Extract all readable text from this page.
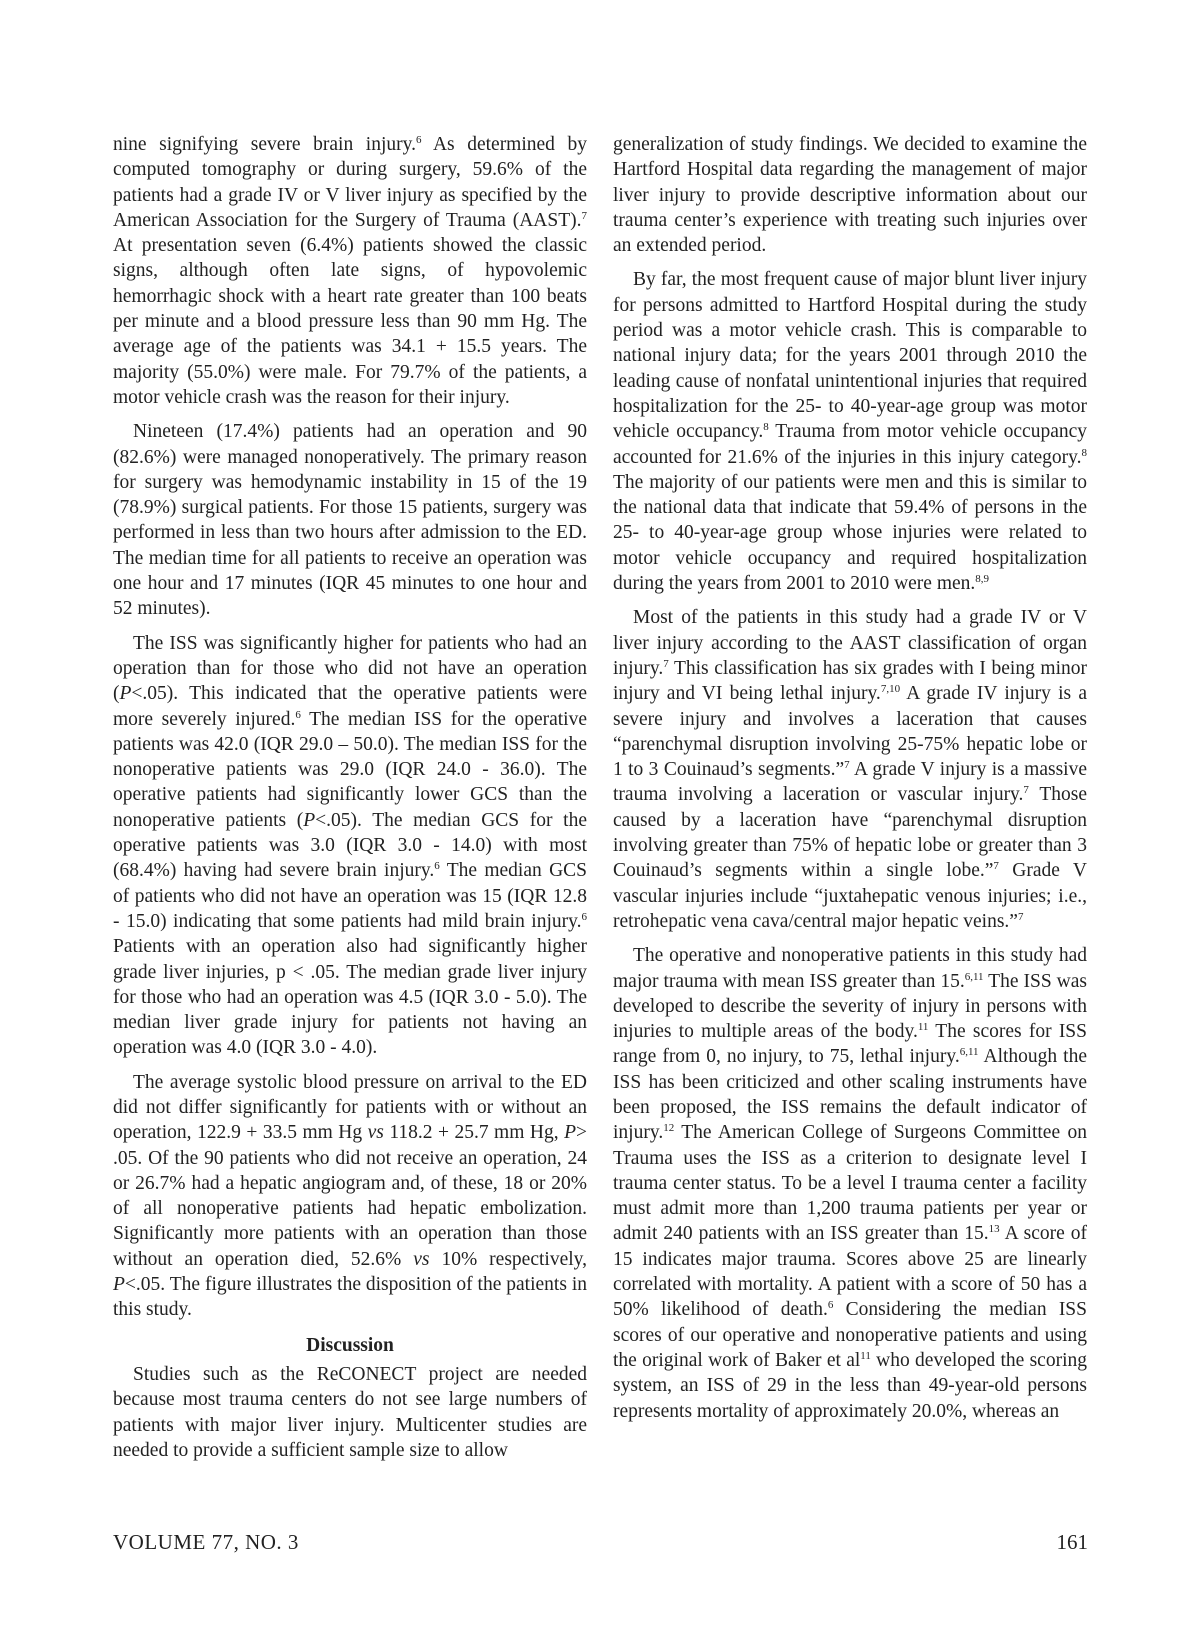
nine signifying severe brain injury.$^6$ As determined by computed tomography or during surgery, 59.6% of the patients had a grade IV or V liver injury as specified by the American Association for the Surgery of Trauma (AAST).$^7$ At presentation seven (6.4%) patients showed the classic signs, although often late signs, of hypovolemic hemorrhagic shock with a heart rate greater than 100 beats per minute and a blood pressure less than 90 mm Hg. The average age of the patients was 34.1 + 15.5 years. The majority (55.0%) were male. For 79.7% of the patients, a motor vehicle crash was the reason for their injury.

Nineteen (17.4%) patients had an operation and 90 (82.6%) were managed nonoperatively. The primary reason for surgery was hemodynamic instability in 15 of the 19 (78.9%) surgical patients. For those 15 patients, surgery was performed in less than two hours after admission to the ED. The median time for all patients to receive an operation was one hour and 17 minutes (IQR 45 minutes to one hour and 52 minutes).

The ISS was significantly higher for patients who had an operation than for those who did not have an operation (P<.05). This indicated that the operative patients were more severely injured.$^6$ The median ISS for the operative patients was 42.0 (IQR 29.0 – 50.0). The median ISS for the nonoperative patients was 29.0 (IQR 24.0 - 36.0). The operative patients had significantly lower GCS than the nonoperative patients (P<.05). The median GCS for the operative patients was 3.0 (IQR 3.0 - 14.0) with most (68.4%) having had severe brain injury.$^6$ The median GCS of patients who did not have an operation was 15 (IQR 12.8 - 15.0) indicating that some patients had mild brain injury.$^6$ Patients with an operation also had significantly higher grade liver injuries, p < .05. The median grade liver injury for those who had an operation was 4.5 (IQR 3.0 - 5.0). The median liver grade injury for patients not having an operation was 4.0 (IQR 3.0 - 4.0).

The average systolic blood pressure on arrival to the ED did not differ significantly for patients with or without an operation, 122.9 + 33.5 mm Hg vs 118.2 + 25.7 mm Hg, P> .05. Of the 90 patients who did not receive an operation, 24 or 26.7% had a hepatic angiogram and, of these, 18 or 20% of all nonoperative patients had hepatic embolization. Significantly more patients with an operation than those without an operation died, 52.6% vs 10% respectively, P<.05. The figure illustrates the disposition of the patients in this study.

Discussion

Studies such as the ReCONECT project are needed because most trauma centers do not see large numbers of patients with major liver injury. Multicenter studies are needed to provide a sufficient sample size to allow

generalization of study findings. We decided to examine the Hartford Hospital data regarding the management of major liver injury to provide descriptive information about our trauma center’s experience with treating such injuries over an extended period.

By far, the most frequent cause of major blunt liver injury for persons admitted to Hartford Hospital during the study period was a motor vehicle crash. This is comparable to national injury data; for the years 2001 through 2010 the leading cause of nonfatal unintentional injuries that required hospitalization for the 25- to 40-year-age group was motor vehicle occupancy.$^8$ Trauma from motor vehicle occupancy accounted for 21.6% of the injuries in this injury category.$^8$ The majority of our patients were men and this is similar to the national data that indicate that 59.4% of persons in the 25- to 40-year-age group whose injuries were related to motor vehicle occupancy and required hospitalization during the years from 2001 to 2010 were men.$^{8,9}$

Most of the patients in this study had a grade IV or V liver injury according to the AAST classification of organ injury.$^7$ This classification has six grades with I being minor injury and VI being lethal injury.$^{7,10}$ A grade IV injury is a severe injury and involves a laceration that causes “parenchymal disruption involving 25-75% hepatic lobe or 1 to 3 Couinaud’s segments.”$^7$ A grade V injury is a massive trauma involving a laceration or vascular injury.$^7$ Those caused by a laceration have “parenchymal disruption involving greater than 75% of hepatic lobe or greater than 3 Couinaud’s segments within a single lobe.”$^7$ Grade V vascular injuries include “juxtahepatic venous injuries; i.e., retrohepatic vena cava/central major hepatic veins.”$^7$

The operative and nonoperative patients in this study had major trauma with mean ISS greater than 15.$^{6,11}$ The ISS was developed to describe the severity of injury in persons with injuries to multiple areas of the body.$^{11}$ The scores for ISS range from 0, no injury, to 75, lethal injury.$^{6,11}$ Although the ISS has been criticized and other scaling instruments have been proposed, the ISS remains the default indicator of injury.$^{12}$ The American College of Surgeons Committee on Trauma uses the ISS as a criterion to designate level I trauma center status. To be a level I trauma center a facility must admit more than 1,200 trauma patients per year or admit 240 patients with an ISS greater than 15.13 A score of 15 indicates major trauma. Scores above 25 are linearly correlated with mortality. A patient with a score of 50 has a 50% likelihood of death.$^6$ Considering the median ISS scores of our operative and nonoperative patients and using the original work of Baker et $al^{11}$ who developed the scoring system, an ISS of 29 in the less than 49-year-old persons represents mortality of approximately 20.0%, whereas an

VOLUME 77, NO. 3	161
